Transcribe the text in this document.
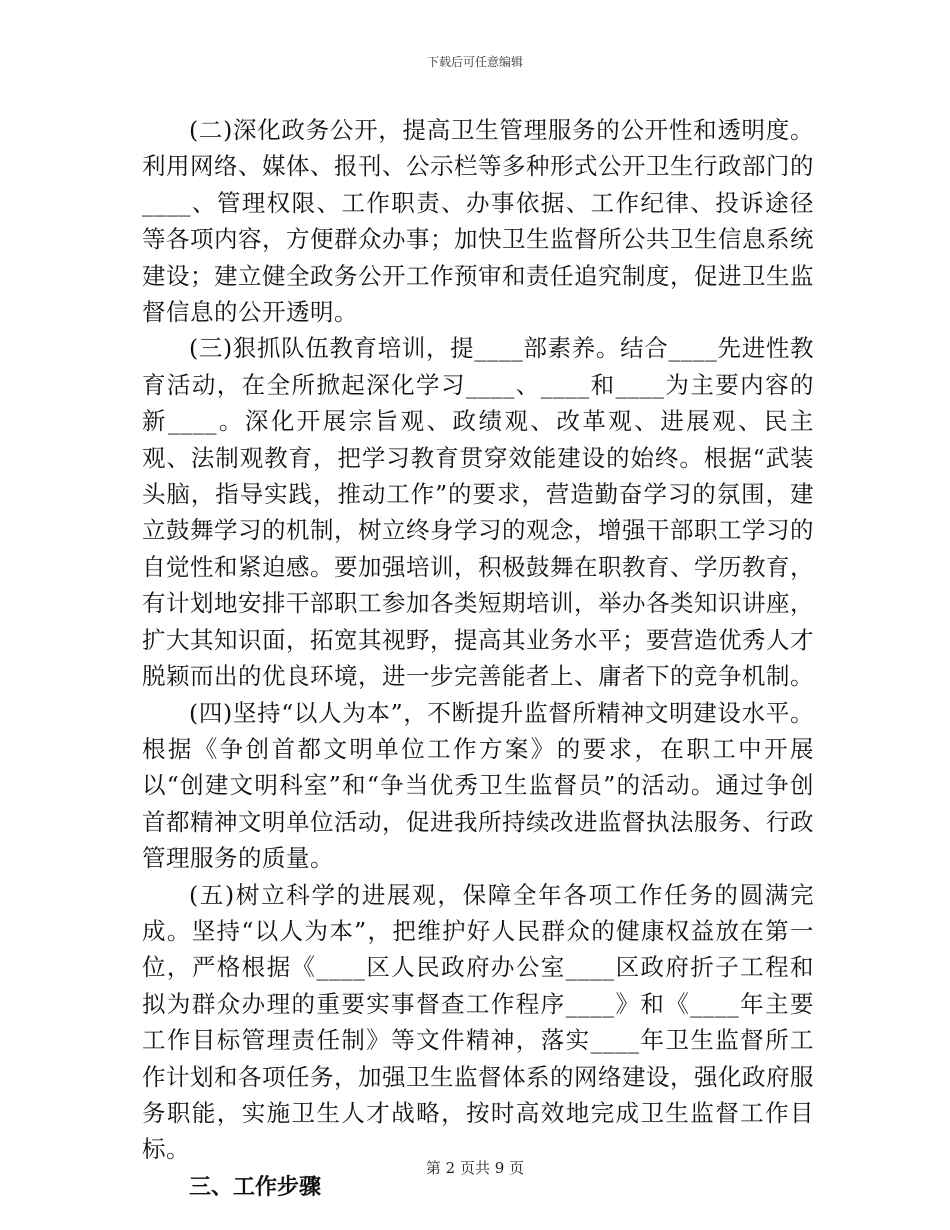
下载后可任意编辑

(二)深化政务公开，提高卫生管理服务的公开性和透明度。利用网络、媒体、报刊、公示栏等多种形式公开卫生行政部门的____、管理权限、工作职责、办事依据、工作纪律、投诉途径等各项内容，方便群众办事；加快卫生监督所公共卫生信息系统建设；建立健全政务公开工作预审和责任追究制度，促进卫生监督信息的公开透明。

(三)狠抓队伍教育培训，提____部素养。结合____先进性教育活动，在全所掀起深化学习____、____和____为主要内容的新____。深化开展宗旨观、政绩观、改革观、进展观、民主观、法制观教育，把学习教育贯穿效能建设的始终。根据“武装头脑，指导实践，推动工作”的要求，营造勤奋学习的氛围，建立鼓舞学习的机制，树立终身学习的观念，增强干部职工学习的自觉性和紧迫感。要加强培训，积极鼓舞在职教育、学历教育，有计划地安排干部职工参加各类短期培训，举办各类知识讲座，扩大其知识面，拓宽其视野，提高其业务水平；要营造优秀人才脱颖而出的优良环境，进一步完善能者上、庸者下的竞争机制。

(四)坚持“以人为本”，不断提升监督所精神文明建设水平。根据《争创首都文明单位工作方案》的要求，在职工中开展以“创建文明科室”和“争当优秀卫生监督员”的活动。通过争创首都精神文明单位活动，促进我所持续改进监督执法服务、行政管理服务的质量。

(五)树立科学的进展观，保障全年各项工作任务的圆满完成。坚持“以人为本”，把维护好人民群众的健康权益放在第一位，严格根据《____区人民政府办公室____区政府折子工程和拟为群众办理的重要实事督查工作程序____》和《____年主要工作目标管理责任制》等文件精神，落实____年卫生监督所工作计划和各项任务，加强卫生监督体系的网络建设，强化政府服务职能，实施卫生人才战略，按时高效地完成卫生监督工作目标。

三、工作步骤
第 2 页共 9 页
